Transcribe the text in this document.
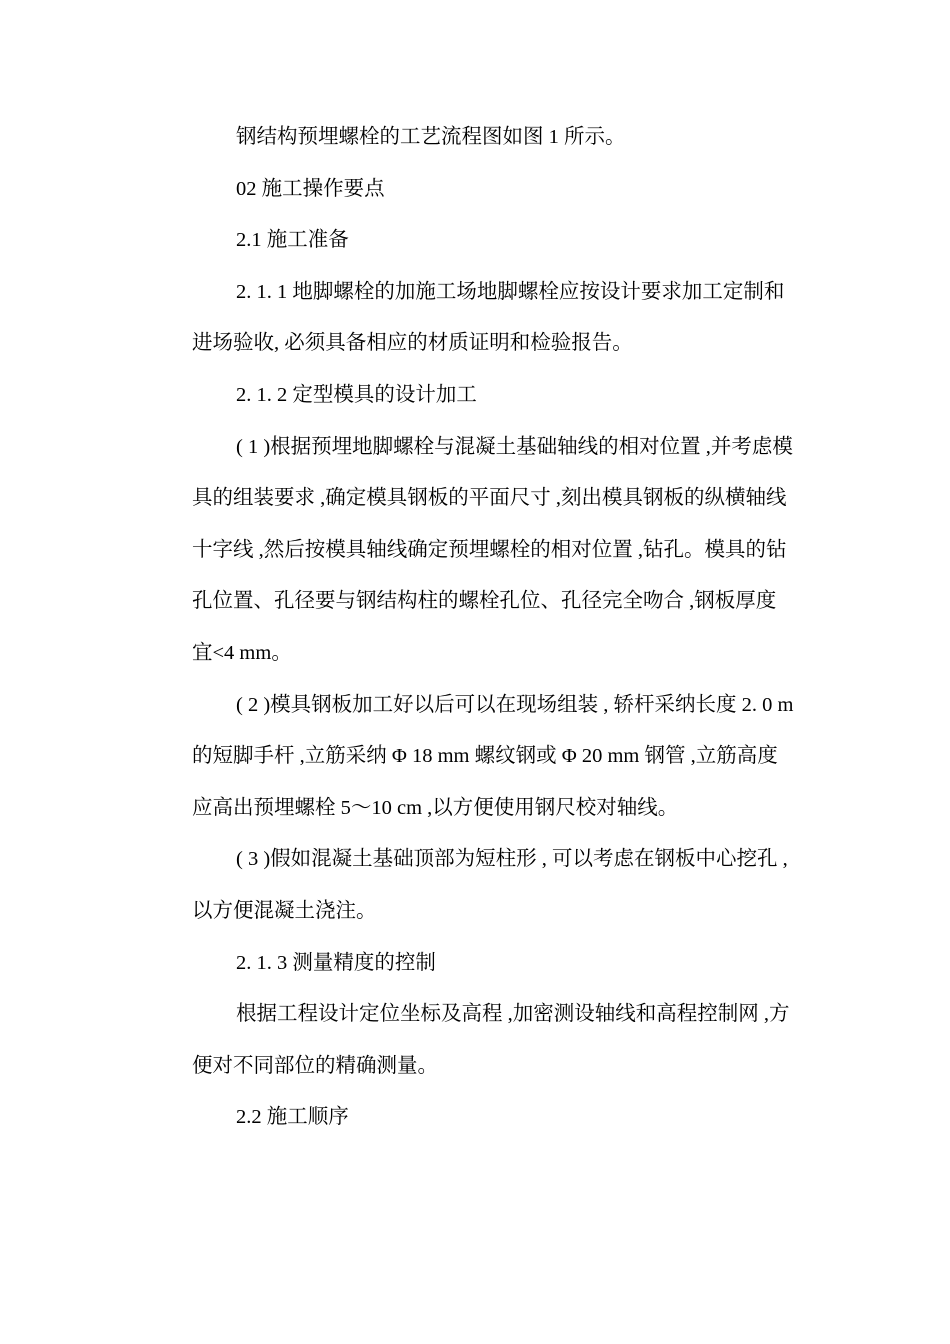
钢结构预埋螺栓的工艺流程图如图 1 所示。
02 施工操作要点
2.1 施工准备
2. 1. 1 地脚螺栓的加施工场地脚螺栓应按设计要求加工定制和
进场验收, 必须具备相应的材质证明和检验报告。
2. 1. 2 定型模具的设计加工
( 1 )根据预埋地脚螺栓与混凝土基础轴线的相对位置 ,并考虑模
具的组装要求 ,确定模具钢板的平面尺寸 ,刻出模具钢板的纵横轴线
十字线 ,然后按模具轴线确定预埋螺栓的相对位置 ,钻孔。模具的钻
孔位置、孔径要与钢结构柱的螺栓孔位、孔径完全吻合 ,钢板厚度
宜<4 mm。
( 2 )模具钢板加工好以后可以在现场组装 , 轿杆采纳长度 2. 0 m
的短脚手杆 ,立筋采纳 Φ 18 mm 螺纹钢或 Φ 20 mm 钢管 ,立筋高度
应高出预埋螺栓 5～10 cm ,以方便使用钢尺校对轴线。
( 3 )假如混凝土基础顶部为短柱形 , 可以考虑在钢板中心挖孔 ,
以方便混凝土浇注。
2. 1. 3 测量精度的控制
根据工程设计定位坐标及高程 ,加密测设轴线和高程控制网 ,方
便对不同部位的精确测量。
2.2 施工顺序
